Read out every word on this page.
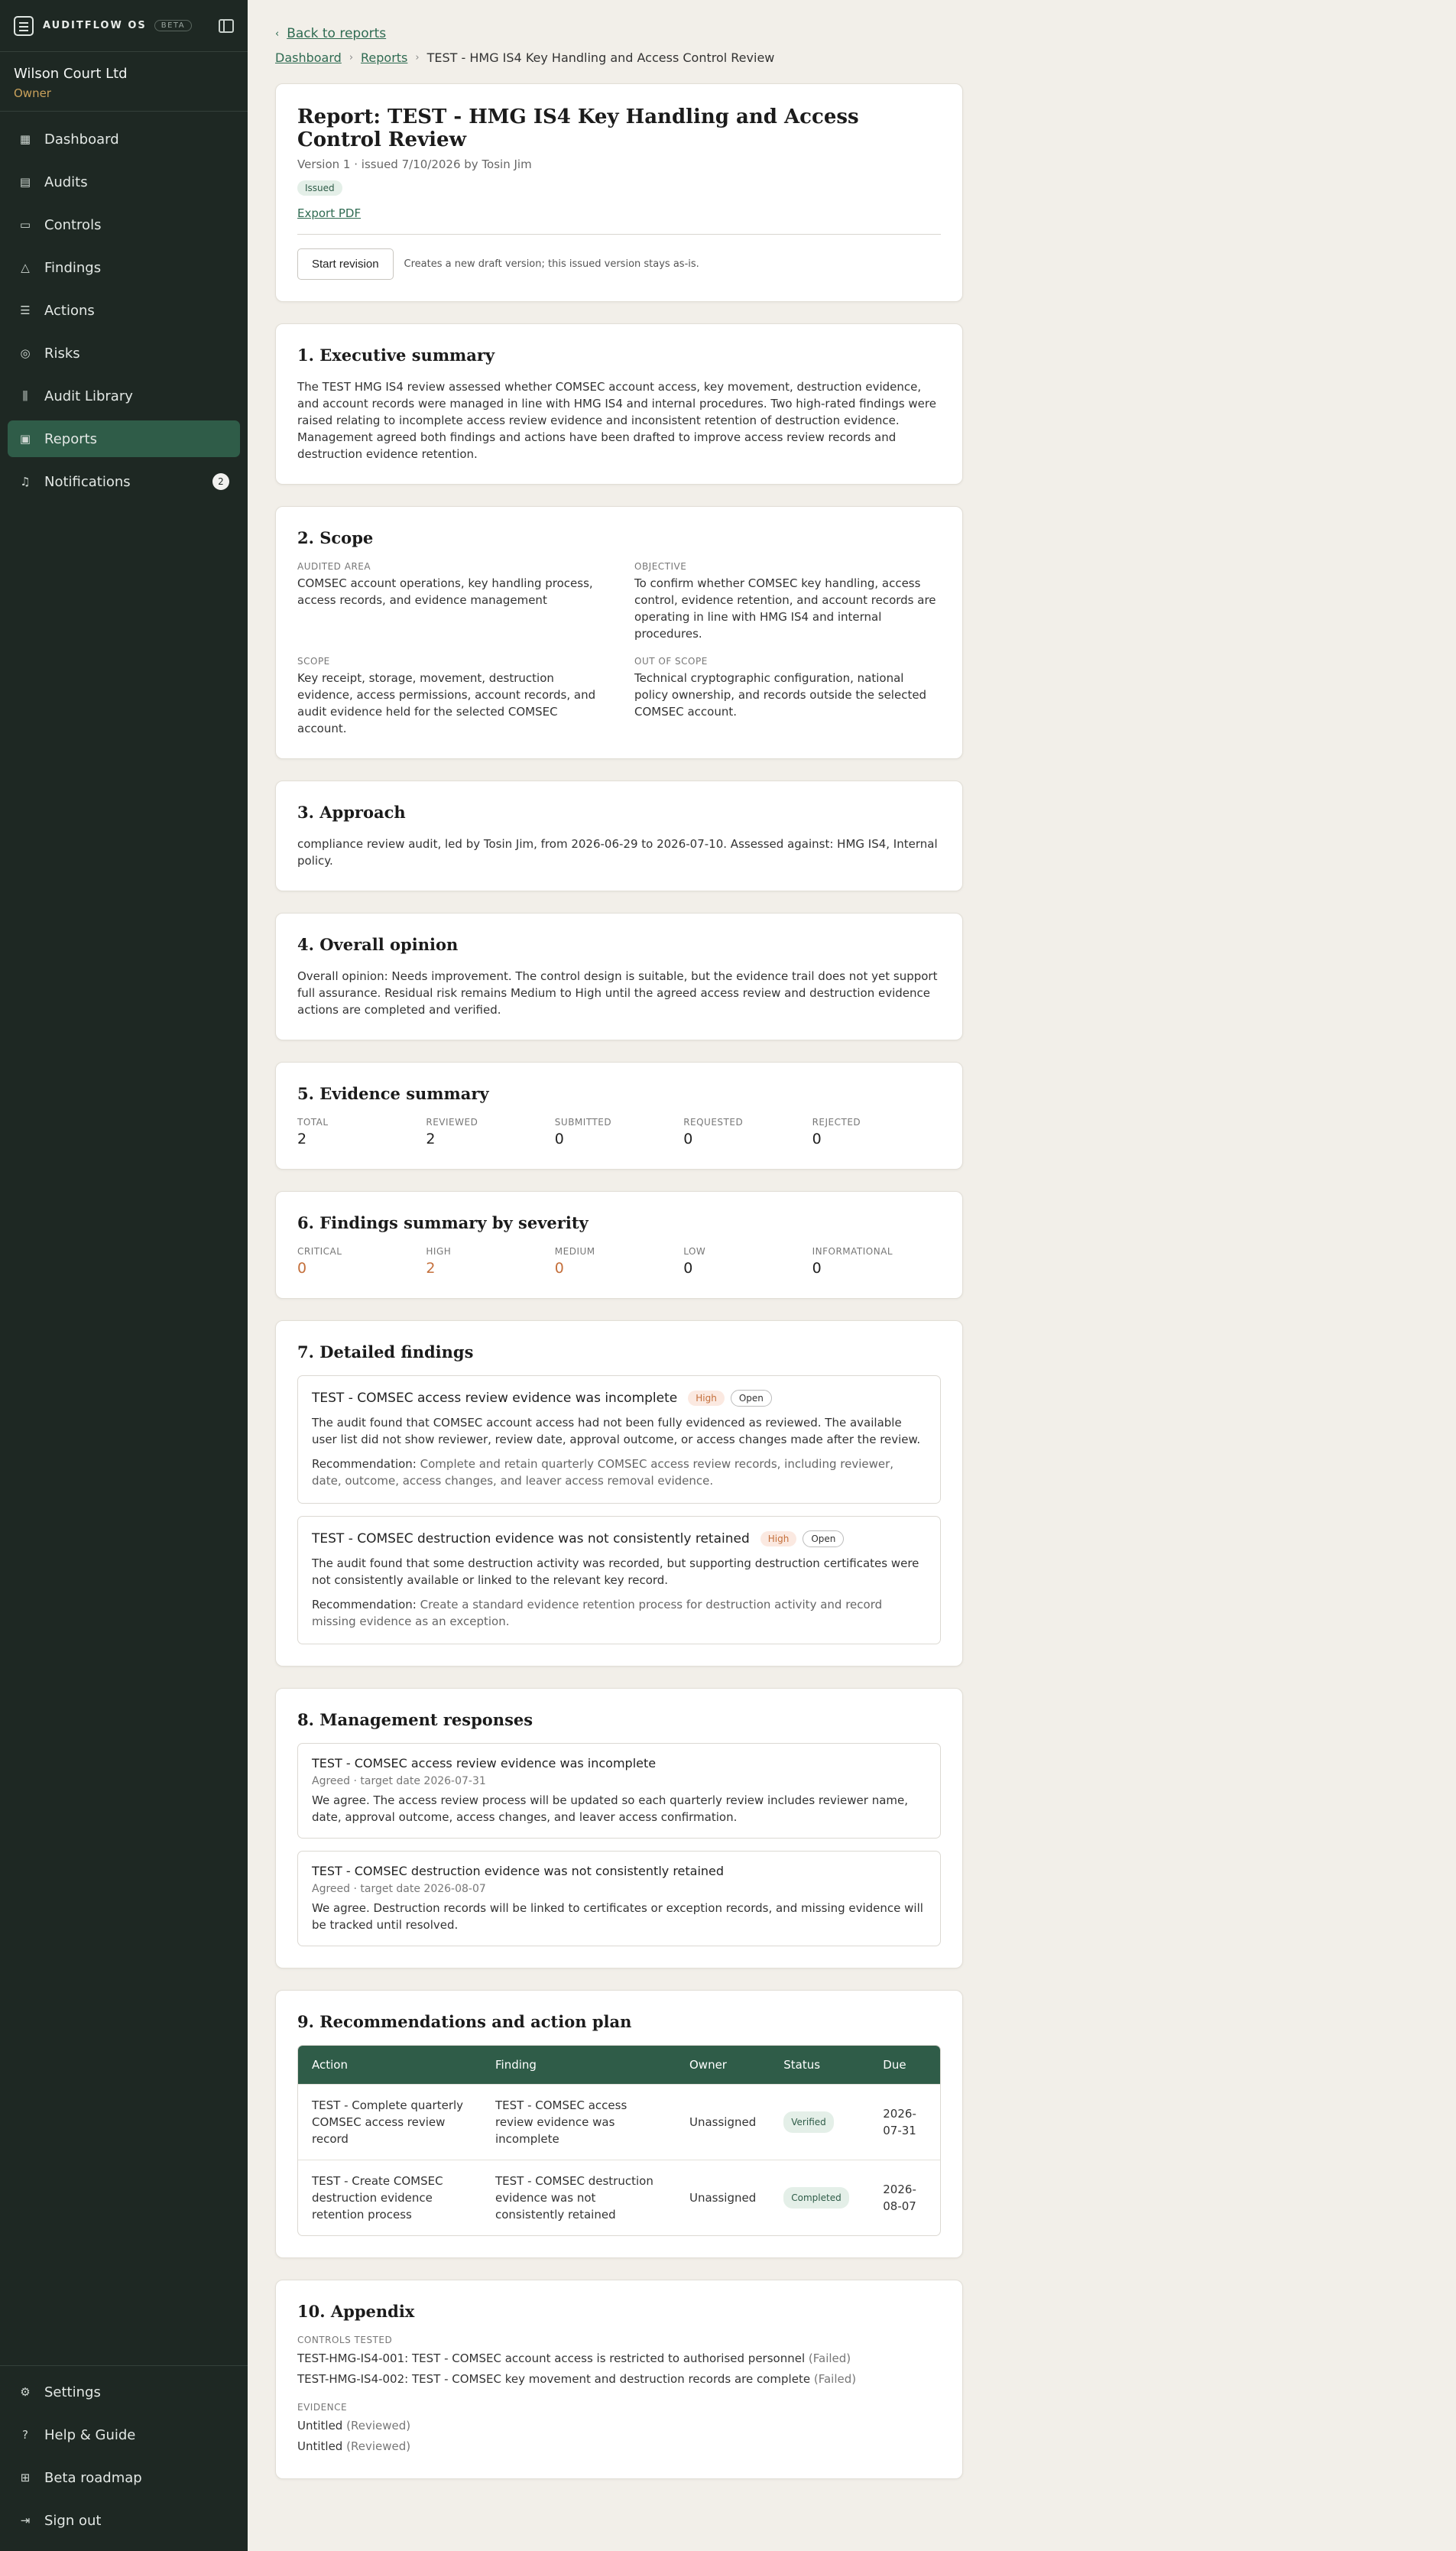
AUDITFLOW OS	BETA
Wilson Court Ltd
Owner
▦ Dashboard
▤ Audits
▭ Controls
△ Findings
☰ Actions
◎ Risks
⫼	Audit Library
▣ Reports
♫ Notifications	2
⚙ Settings
? Help & Guide
⊞ Beta roadmap
⇥ Sign out
‹ Back to reports
Dashboard › Reports › TEST - HMG IS4 Key Handling and Access Control Review
Report: TEST - HMG IS4 Key Handling and Access Control Review
Version 1 · issued 7/10/2026 by Tosin Jim
Issued
Export PDF
Start revision	Creates a new draft version; this issued version stays as-is.
1. Executive summary

The TEST HMG IS4 review assessed whether COMSEC account access, key movement, destruction evidence, and account records were managed in line with HMG IS4 and internal procedures. Two high-rated findings were raised relating to incomplete access review evidence and inconsistent retention of destruction evidence. Management agreed both findings and actions have been drafted to improve access review records and destruction evidence retention.

2. Scope
AUDITED AREA
COMSEC account operations, key handling process, access records, and evidence management
OBJECTIVE
To confirm whether COMSEC key handling, access control, evidence retention, and account records are operating in line with HMG IS4 and internal procedures.
SCOPE
Key receipt, storage, movement, destruction evidence, access permissions, account records, and audit evidence held for the selected COMSEC account.
OUT OF SCOPE
Technical cryptographic configuration, national policy ownership, and records outside the selected COMSEC account.
3. Approach

compliance review audit, led by Tosin Jim, from 2026-06-29 to 2026-07-10. Assessed against: HMG IS4, Internal policy.

4. Overall opinion

Overall opinion: Needs improvement. The control design is suitable, but the evidence trail does not yet support full assurance. Residual risk remains Medium to High until the agreed access review and destruction evidence actions are completed and verified.

5. Evidence summary
TOTAL
2
REVIEWED
2
SUBMITTED
0
REQUESTED
0
REJECTED
0
6. Findings summary by severity
CRITICAL
0
HIGH
2
MEDIUM
0
LOW
0
INFORMATIONAL
0
7. Detailed findings
TEST - COMSEC access review evidence was incomplete	High	Open
The audit found that COMSEC account access had not been fully evidenced as reviewed. The available user list did not show reviewer, review date, approval outcome, or access changes made after the review.
Recommendation: Complete and retain quarterly COMSEC access review records, including reviewer, date, outcome, access changes, and leaver access removal evidence.
TEST - COMSEC destruction evidence was not consistently retained	High	Open
The audit found that some destruction activity was recorded, but supporting destruction certificates were not consistently available or linked to the relevant key record.
Recommendation: Create a standard evidence retention process for destruction activity and record missing evidence as an exception.
8. Management responses
TEST - COMSEC access review evidence was incomplete
Agreed · target date 2026-07-31
We agree. The access review process will be updated so each quarterly review includes reviewer name, date, approval outcome, access changes, and leaver access confirmation.
TEST - COMSEC destruction evidence was not consistently retained
Agreed · target date 2026-08-07
We agree. Destruction records will be linked to certificates or exception records, and missing evidence will be tracked until resolved.
9. Recommendations and action plan
Action	Finding	Owner	Status	Due
TEST - Complete quarterly COMSEC access review record	TEST - COMSEC access review evidence was incomplete	Unassigned	Verified	2026-07-31
TEST - Create COMSEC destruction evidence retention process	TEST - COMSEC destruction evidence was not consistently retained	Unassigned	Completed	2026-08-07
10. Appendix
CONTROLS TESTED
TEST-HMG-IS4-001: TEST - COMSEC account access is restricted to authorised personnel (Failed)
TEST-HMG-IS4-002: TEST - COMSEC key movement and destruction records are complete (Failed)
EVIDENCE
Untitled (Reviewed)
Untitled (Reviewed)
